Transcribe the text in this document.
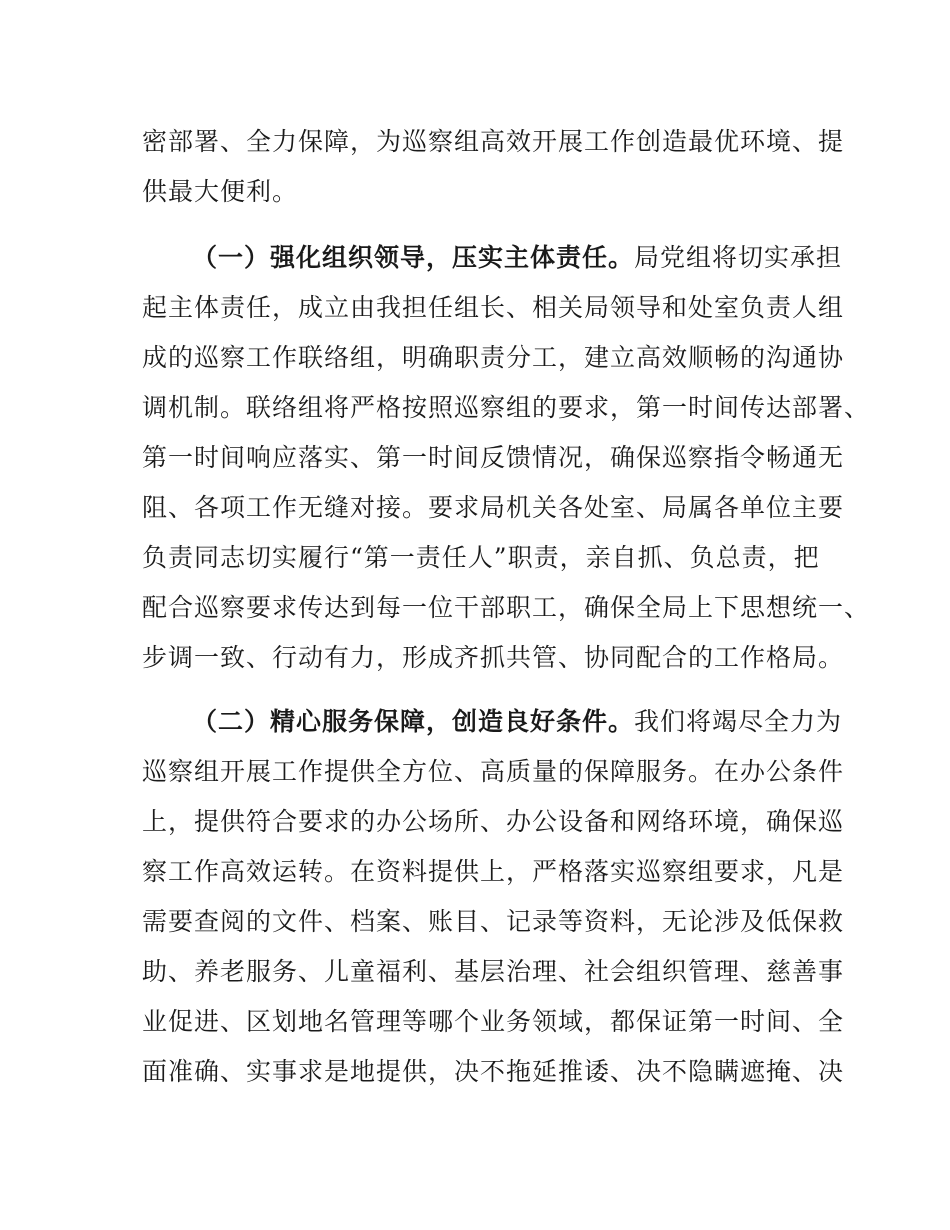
密部署、全力保障，为巡察组高效开展工作创造最优环境、提
供最大便利。
（一）强化组织领导，压实主体责任。局党组将切实承担
起主体责任，成立由我担任组长、相关局领导和处室负责人组
成的巡察工作联络组，明确职责分工，建立高效顺畅的沟通协
调机制。联络组将严格按照巡察组的要求，第一时间传达部署、
第一时间响应落实、第一时间反馈情况，确保巡察指令畅通无
阻、各项工作无缝对接。要求局机关各处室、局属各单位主要
负责同志切实履行“第一责任人”职责，亲自抓、负总责，把
配合巡察要求传达到每一位干部职工，确保全局上下思想统一、
步调一致、行动有力，形成齐抓共管、协同配合的工作格局。
（二）精心服务保障，创造良好条件。我们将竭尽全力为
巡察组开展工作提供全方位、高质量的保障服务。在办公条件
上，提供符合要求的办公场所、办公设备和网络环境，确保巡
察工作高效运转。在资料提供上，严格落实巡察组要求，凡是
需要查阅的文件、档案、账目、记录等资料，无论涉及低保救
助、养老服务、儿童福利、基层治理、社会组织管理、慈善事
业促进、区划地名管理等哪个业务领域，都保证第一时间、全
面准确、实事求是地提供，决不拖延推诿、决不隐瞒遮掩、决
